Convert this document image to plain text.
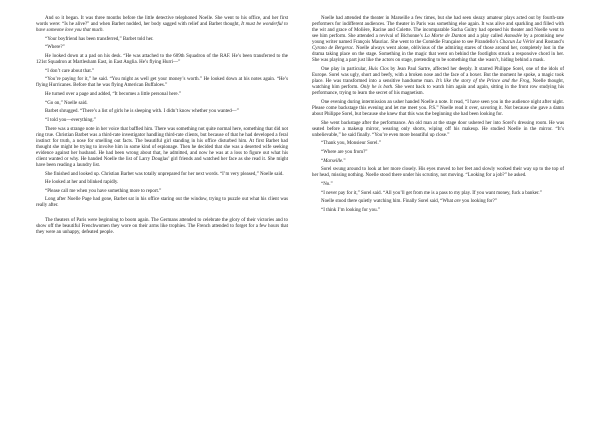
And so it began. It was three months before the little detective telephoned Noelle. She went to his office, and her first words were: “Is he alive?” and when Barbet nodded, her body sagged with relief and Barbet thought, It must be wonderful to have someone love you that much.

“Your boyfriend has been transferred,” Barbet told her.

“Where?”

He looked down at a pad on his desk. “He was attached to the 609th Squadron of the RAF. He’s been transferred to the 121st Squadron at Martlesham East, in East Anglia. He’s flying Hurri—”

“I don’t care about that.”

“You’re paying for it,” he said. “You might as well get your money’s worth.” He looked down at his notes again. “He’s flying Hurricanes. Before that he was flying American Buffaloes.”

He turned over a page and added, “It becomes a little personal here.”

“Go on,” Noelle said.

Barbet shrugged. “There’s a list of girls he is sleeping with. I didn’t know whether you wanted—”

“I told you—everything.”

There was a strange note in her voice that baffled him. There was something not quite normal here, something that did not ring true. Christian Barbet was a third-rate investigator handling third-rate clients, but because of that he had developed a feral instinct for truth, a nose for smelling out facts. The beautiful girl standing in his office disturbed him. At first Barbet had thought she might be trying to involve him in some kind of espionage. Then he decided that she was a deserted wife seeking evidence against her husband. He had been wrong about that, he admitted, and now he was at a loss to figure out what his client wanted or why. He handed Noelle the list of Larry Douglas’ girl friends and watched her face as she read it. She might have been reading a laundry list.

She finished and looked up. Christian Barbet was totally unprepared for her next words. “I’m very pleased,” Noelle said.

He looked at her and blinked rapidly.

“Please call me when you have something more to report.”

Long after Noelle Page had gone, Barbet sat in his office staring out the window, trying to puzzle out what his client was really after.

The theaters of Paris were beginning to boom again. The Germans attended to celebrate the glory of their victories and to show off the beautiful Frenchwomen they wore on their arms like trophies. The French attended to forget for a few hours that they were an unhappy, defeated people.

Noelle had attended the theater in Marseille a few times, but she had seen sleazy amateur plays acted out by fourth-rate performers for indifferent audiences. The theater in Paris was something else again. It was alive and sparkling and filled with the wit and grace of Molière, Racine and Colette. The incomparable Sacha Guitry had opened his theater and Noelle went to see him perform. She attended a revival of Bichonne’s La Morte de Danton and a play called Asmodée by a promising new young writer named François Mauriac. She went to the Comédie Française to see Pirandello’s Chacun La Vérité and Rostand’s Cyrano de Bergerac. Noelle always went alone, oblivious of the admiring stares of those around her, completely lost in the drama taking place on the stage. Something in the magic that went on behind the footlights struck a responsive chord in her. She was playing a part just like the actors on stage, pretending to be something that she wasn’t, hiding behind a mask.

One play in particular, Huis Clos by Jean Paul Sartre, affected her deeply. It starred Philippe Sorel, one of the idols of Europe. Sorel was ugly, short and beefy, with a broken nose and the face of a boxer. But the moment he spoke, a magic took place. He was transformed into a sensitive handsome man. It’s like the story of the Prince and the Frog, Noelle thought, watching him perform. Only he is both. She went back to watch him again and again, sitting in the front row studying his performance, trying to learn the secret of his magnetism.

One evening during intermission an usher handed Noelle a note. It read, “I have seen you in the audience night after night. Please come backstage this evening and let me meet you. P.S.” Noelle read it over, savoring it. Not because she gave a damn about Philippe Sorel, but because she knew that this was the beginning she had been looking for.

She went backstage after the performance. An old man at the stage door ushered her into Sorel’s dressing room. He was seated before a makeup mirror, wearing only shorts, wiping off his makeup. He studied Noelle in the mirror. “It’s unbelievable,” he said finally. “You’re even more beautiful up close.”

“Thank you, Monsieur Sorel.”

“Where are you from?”

“Marseille.”

Sorel swung around to look at her more closely. His eyes moved to her feet and slowly worked their way up to the top of her head, missing nothing. Noelle stood there under his scrutiny, not moving. “Looking for a job?” he asked.

“No.”

“I never pay for it,” Sorel said. “All you’ll get from me is a pass to my play. If you want money, fuck a banker.”

Noelle stood there quietly watching him. Finally Sorel said, “What are you looking for?”

“I think I’m looking for you.”
